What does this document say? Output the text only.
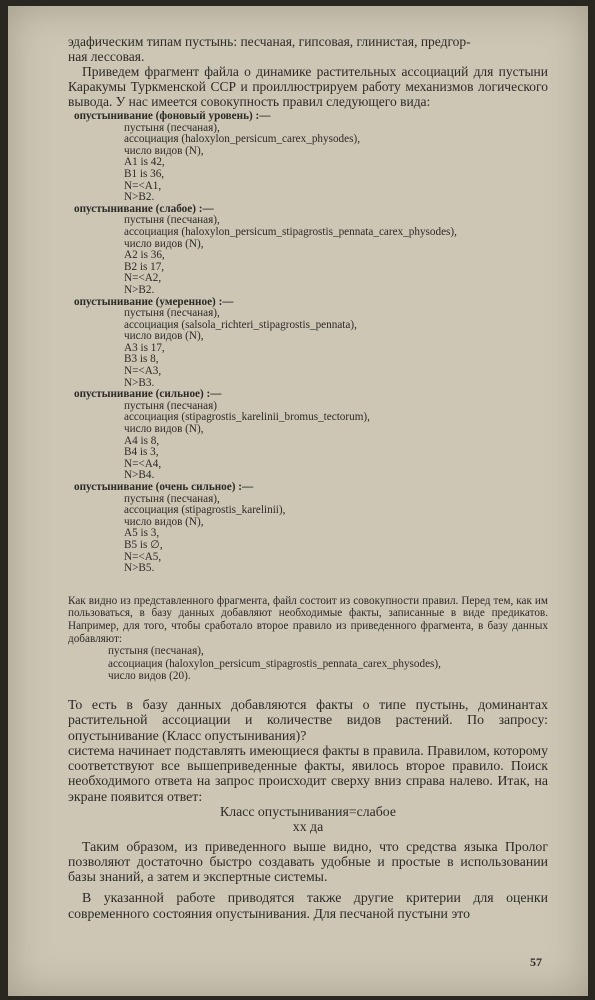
эдафическим типам пустынь: песчаная, гипсовая, глинистая, предгор-

ная лессовая.

Приведем фрагмент файла о динамике растительных ассоциаций для пустыни Каракумы Туркменской ССР и проиллюстрируем работу механизмов логического вывода. У нас имеется совокупность правил следующего вида:

опустынивание (фоновый уровень) :—
пустыня (песчаная),
ассоциация (haloxylon_persicum_carex_physodes),
число видов (N),
A1 is 42,
B1 is 36,
N=<A1,
N>B2.
опустынивание (слабое) :—
пустыня (песчаная),
ассоциация (haloxylon_persicum_stipagrostis_pennata_carex_physodes),
число видов (N),
A2 is 36,
B2 is 17,
N=<A2,
N>B2.
опустынивание (умеренное) :—
пустыня (песчаная),
ассоциация (salsola_richteri_stipagrostis_pennata),
число видов (N),
A3 is 17,
B3 is 8,
N=<A3,
N>B3.
опустынивание (сильное) :—
пустыня (песчаная)
ассоциация (stipagrostis_karelinii_bromus_tectorum),
число видов (N),
A4 is 8,
B4 is 3,
N=<A4,
N>B4.
опустынивание (очень сильное) :—
пустыня (песчаная),
ассоциация (stipagrostis_karelinii),
число видов (N),
A5 is 3,
B5 is ∅,
N=<A5,
N>B5.
Как видно из представленного фрагмента, файл состоит из совокупности правил. Перед тем, как им пользоваться, в базу данных добавляют необходимые факты, записанные в виде предикатов. Например, для того, чтобы сработало второе правило из приведенного фрагмента, в базу данных добавляют:
пустыня (песчаная),
ассоциация (haloxylon_persicum_stipagrostis_pennata_carex_physodes),
число видов (20).

То есть в базу данных добавляются факты о типе пустынь, доминантах растительной ассоциации и количестве видов растений. По запросу: опустынивание (Класс опустынивания)?

система начинает подставлять имеющиеся факты в правила. Правилом, которому соответствуют все вышеприведенные факты, явилось второе правило. Поиск необходимого ответа на запрос происходит сверху вниз справа налево. Итак, на экране появится ответ:

Класс опустынивания=слабое

хх да

Таким образом, из приведенного выше видно, что средства языка Пролог позволяют достаточно быстро создавать удобные и простые в использовании базы знаний, а затем и экспертные системы.

В указанной работе приводятся также другие критерии для оценки современного состояния опустынивания. Для песчаной пустыни это

57
